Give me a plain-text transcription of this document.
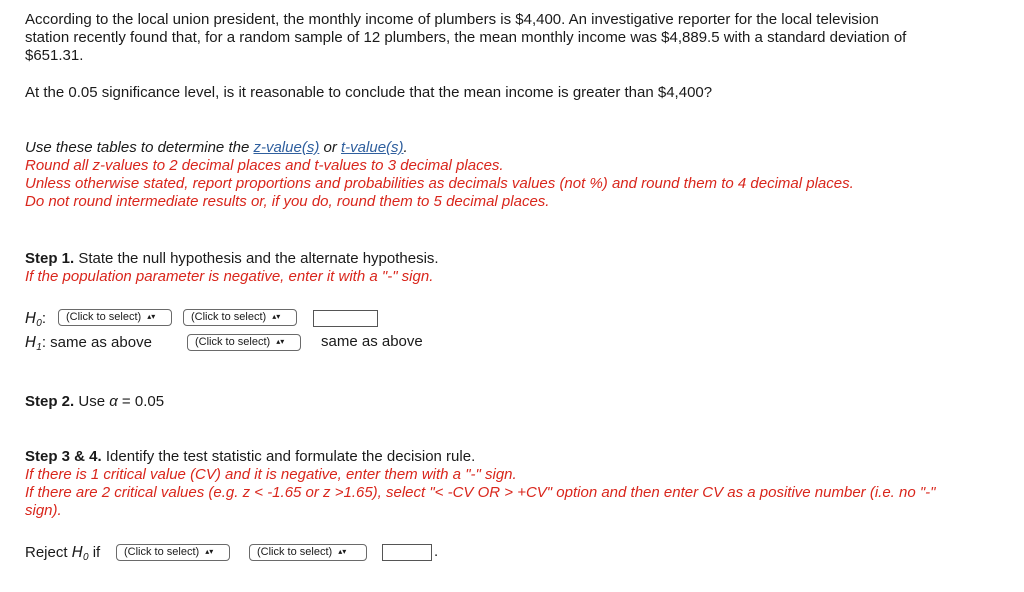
According to the local union president, the monthly income of plumbers is $4,400. An investigative reporter for the local television

station recently found that, for a random sample of 12 plumbers, the mean monthly income was $4,889.5 with a standard deviation of

$651.31.

At the 0.05 significance level, is it reasonable to conclude that the mean income is greater than $4,400?

Use these tables to determine the z-value(s) or t-value(s).

Round all z-values to 2 decimal places and t-values to 3 decimal places.

Unless otherwise stated, report proportions and probabilities as decimals values (not %) and round them to 4 decimal places.

Do not round intermediate results or, if you do, round them to 5 decimal places.

Step 1. State the null hypothesis and the alternate hypothesis.

If the population parameter is negative, enter it with a "-" sign.

$H_0$:	(Click to select) ▴▾	(Click to select) ▴▾
$H_1$: same as above	(Click to select) ▴▾	same as above

Step 2. Use α = 0.05

Step 3 & 4. Identify the test statistic and formulate the decision rule.

If there is 1 critical value (CV) and it is negative, enter them with a "-" sign.

If there are 2 critical values (e.g. z < -1.65 or z >1.65), select "< -CV OR > +CV" option and then enter CV as a positive number (i.e. no "-"

sign).

Reject $H_0$ if	(Click to select) ▴▾	(Click to select) ▴▾	.
